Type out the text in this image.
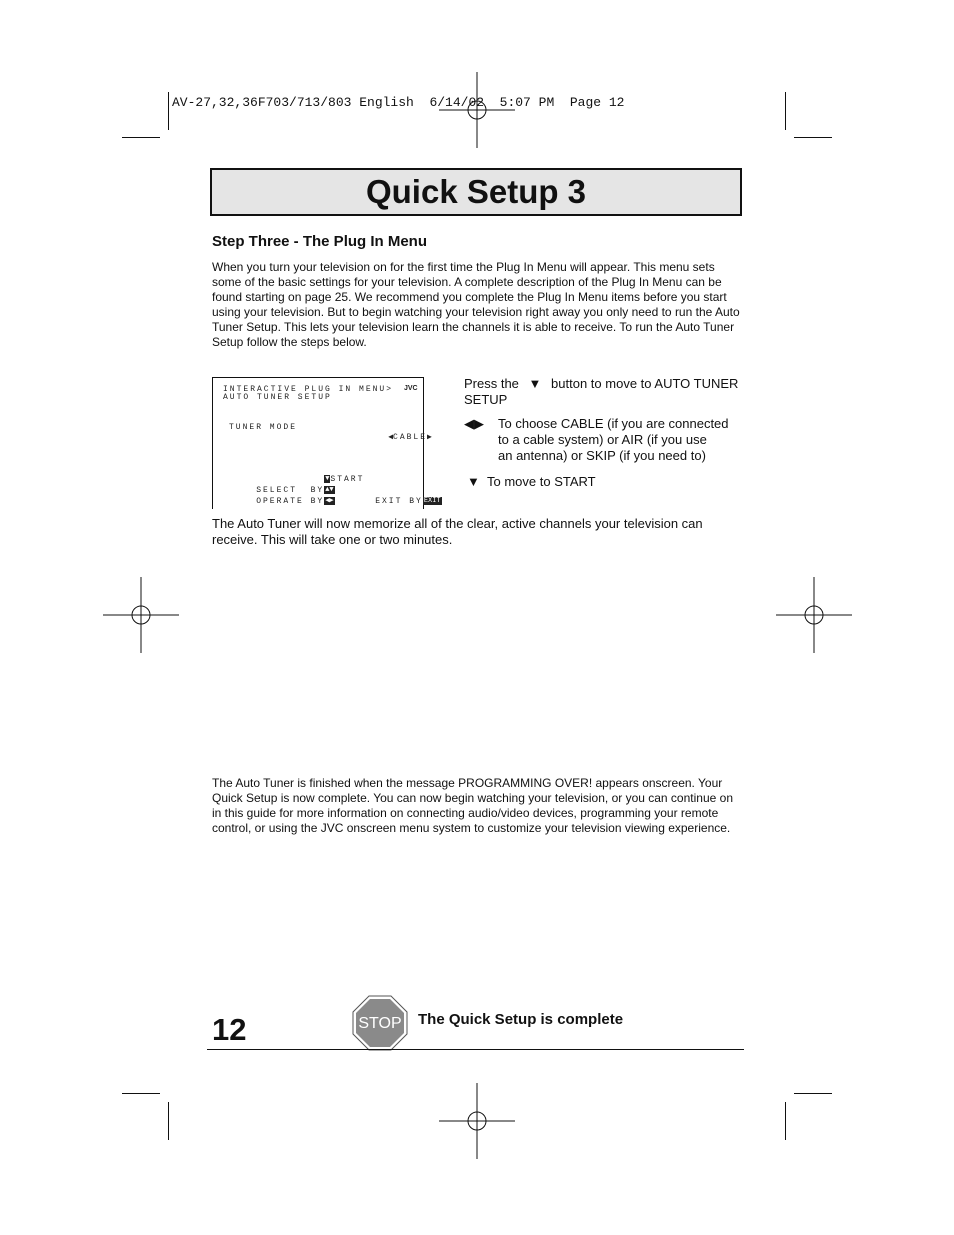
AV-27,32,36F703/713/803 English  6/14/02  5:07 PM  Page 12
Quick Setup 3
Step Three - The Plug In Menu
When you turn your television on for the first time the Plug In Menu will appear. This menu sets some of the basic settings for your television. A complete description of the Plug In Menu can be found starting on page 25. We recommend you complete the Plug In Menu items before you start using your television. But to begin watching your television right away you only need to run the Auto Tuner Setup. This lets your television learn the channels it is able to receive. To run the Auto Tuner Setup follow the steps below.
INTERACTIVE PLUG IN MENU> JVC
AUTO TUNER SETUP
TUNER MODE

◀CABLE▶

▼START

SELECT  BY▲▼

OPERATE BY◀▶
	EXIT BYEXIT

Press the ▼ button to move to AUTO TUNER SETUP
◀▶ To choose CABLE (if you are connected
to a cable system) or AIR (if you use
an antenna) or SKIP (if you need to)
▼ To move to START
The Auto Tuner will now memorize all of the clear, active channels your television can receive. This will take one or two minutes.
The Auto Tuner is finished when the message PROGRAMMING OVER! appears onscreen. Your Quick Setup is now complete. You can now begin watching your television, or you can continue on in this guide for more information on connecting audio/video devices, programming your remote control, or using the JVC onscreen menu system to customize your television viewing experience.
12	STOP The Quick Setup is complete
